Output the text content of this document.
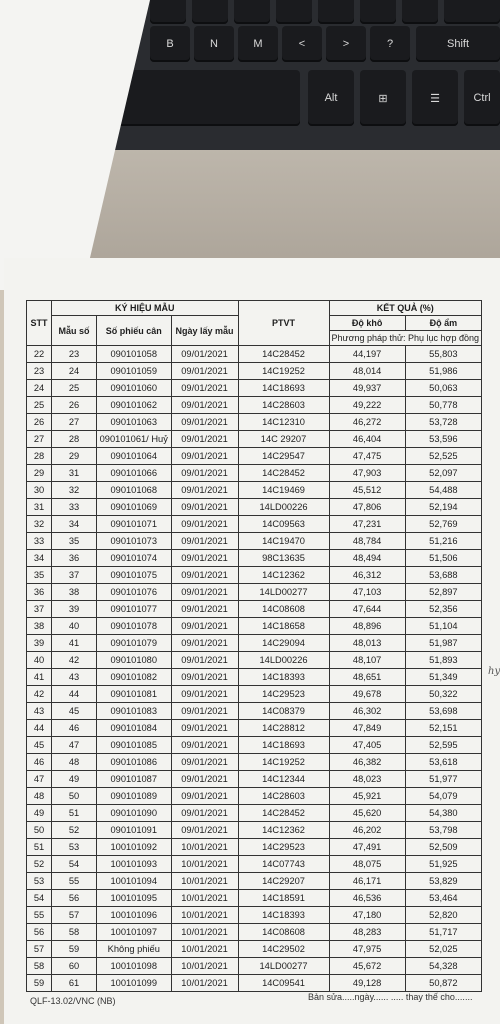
B	N	M	<	>	?	Shift
Alt	⊞	☰	Ctrl
STT	KÝ HIỆU MẪU			PTVT	KẾT QUẢ (%)	
	Mẫu số	Số phiếu cân	Ngày lấy mẫu		Độ khô	Độ ẩm
					Phương pháp thử: Phụ lục hợp đồng	
22	23	090101058	09/01/2021	14C28452	44,197	55,803
23	24	090101059	09/01/2021	14C19252	48,014	51,986
24	25	090101060	09/01/2021	14C18693	49,937	50,063
25	26	090101062	09/01/2021	14C28603	49,222	50,778
26	27	090101063	09/01/2021	14C12310	46,272	53,728
27	28	090101061/ Huỷ	09/01/2021	14C 29207	46,404	53,596
28	29	090101064	09/01/2021	14C29547	47,475	52,525
29	31	090101066	09/01/2021	14C28452	47,903	52,097
30	32	090101068	09/01/2021	14C19469	45,512	54,488
31	33	090101069	09/01/2021	14LD00226	47,806	52,194
32	34	090101071	09/01/2021	14C09563	47,231	52,769
33	35	090101073	09/01/2021	14C19470	48,784	51,216
34	36	090101074	09/01/2021	98C13635	48,494	51,506
35	37	090101075	09/01/2021	14C12362	46,312	53,688
36	38	090101076	09/01/2021	14LD00277	47,103	52,897
37	39	090101077	09/01/2021	14C08608	47,644	52,356
38	40	090101078	09/01/2021	14C18658	48,896	51,104
39	41	090101079	09/01/2021	14C29094	48,013	51,987
40	42	090101080	09/01/2021	14LD00226	48,107	51,893
41	43	090101082	09/01/2021	14C18393	48,651	51,349
42	44	090101081	09/01/2021	14C29523	49,678	50,322
43	45	090101083	09/01/2021	14C08379	46,302	53,698
44	46	090101084	09/01/2021	14C28812	47,849	52,151
45	47	090101085	09/01/2021	14C18693	47,405	52,595
46	48	090101086	09/01/2021	14C19252	46,382	53,618
47	49	090101087	09/01/2021	14C12344	48,023	51,977
48	50	090101089	09/01/2021	14C28603	45,921	54,079
49	51	090101090	09/01/2021	14C28452	45,620	54,380
50	52	090101091	09/01/2021	14C12362	46,202	53,798
51	53	100101092	10/01/2021	14C29523	47,491	52,509
52	54	100101093	10/01/2021	14C07743	48,075	51,925
53	55	100101094	10/01/2021	14C29207	46,171	53,829
54	56	100101095	10/01/2021	14C18591	46,536	53,464
55	57	100101096	10/01/2021	14C18393	47,180	52,820
56	58	100101097	10/01/2021	14C08608	48,283	51,717
57	59	Không phiếu	10/01/2021	14C29502	47,975	52,025
58	60	100101098	10/01/2021	14LD00277	45,672	54,328
59	61	100101099	10/01/2021	14C09541	49,128	50,872
hy
QLF-13.02/VNC (NB)	Bản sửa.....ngày...... ..... thay thế cho.......
